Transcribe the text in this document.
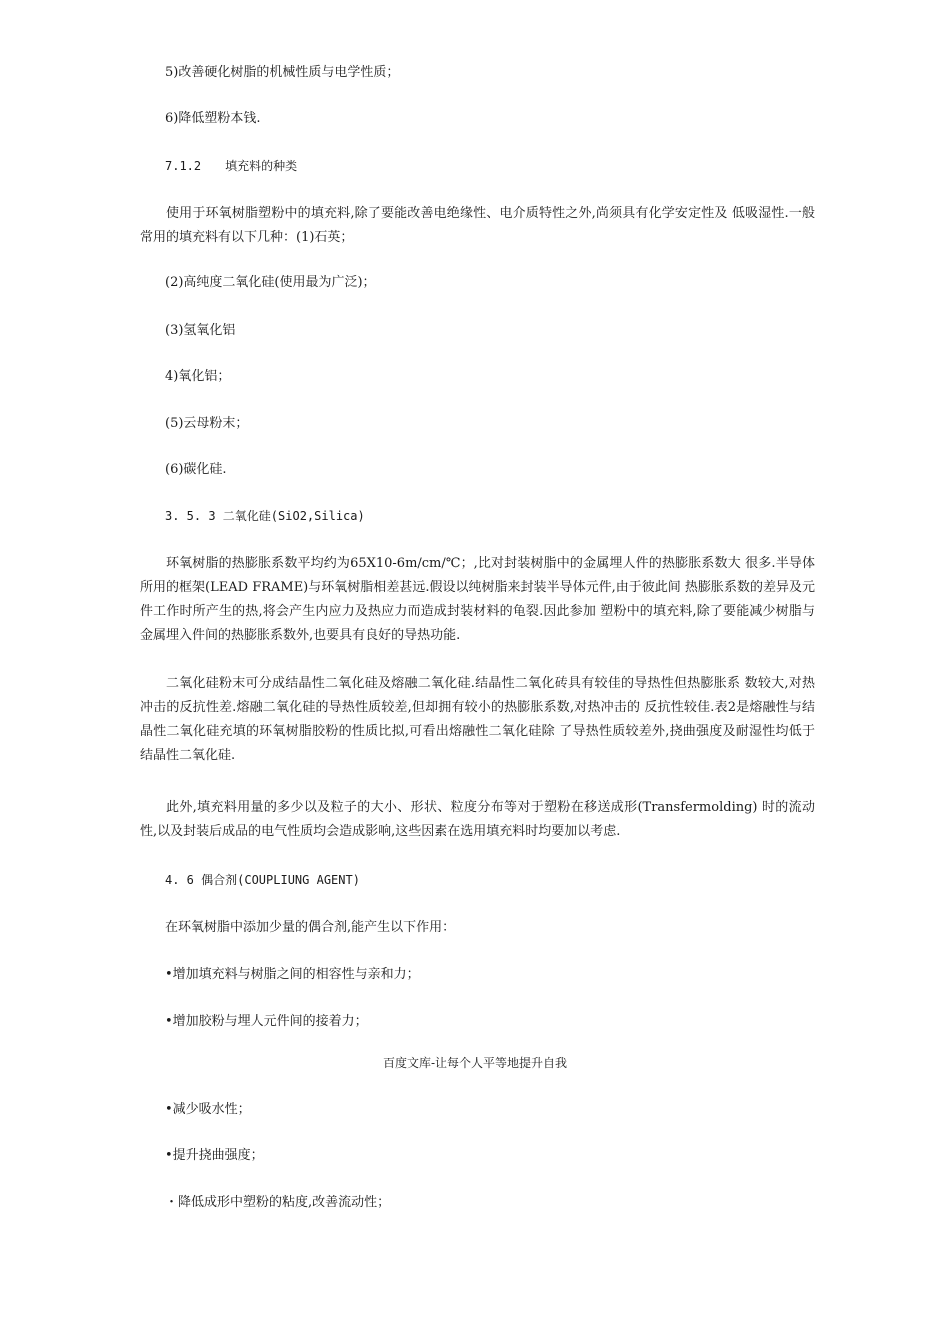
5)改善硬化树脂的机械性质与电学性质；
6)降低塑粉本钱.
7.1.2　　填充料的种类

使用于环氧树脂塑粉中的填充料,除了要能改善电绝缘性、电介质特性之外,尚须具有化学安定性及 低吸湿性.一般常用的填充料有以下几种：(1)石英；

(2)高纯度二氧化硅(使用最为广泛)；
(3)氢氧化铝
4)氧化铝；
(5)云母粉末；
(6)碳化硅.
3. 5. 3 二氧化硅(SiO2,Silica)

环氧树脂的热膨胀系数平均约为65X10-6m/cm/℃；,比对封装树脂中的金属埋人件的热膨胀系数大 很多.半导体所用的框架(LEAD FRAME)与环氧树脂相差甚远.假设以纯树脂来封装半导体元件,由于彼此间 热膨胀系数的差异及元件工作时所产生的热,将会产生内应力及热应力而造成封装材料的龟裂.因此参加 塑粉中的填充料,除了要能减少树脂与金属埋入件间的热膨胀系数外,也要具有良好的导热功能.

二氧化硅粉末可分成结晶性二氧化硅及熔融二氧化硅.结晶性二氧化砖具有较佳的导热性但热膨胀系 数较大,对热冲击的反抗性差.熔融二氧化硅的导热性质较差,但却拥有较小的热膨胀系数,对热冲击的 反抗性较佳.表2是熔融性与结晶性二氧化硅充填的环氧树脂胶粉的性质比拟,可看出熔融性二氧化硅除 了导热性质较差外,挠曲强度及耐湿性均低于结晶性二氧化硅.

此外,填充料用量的多少以及粒子的大小、形状、粒度分布等对于塑粉在移送成形(Transfermolding) 时的流动性,以及封装后成品的电气性质均会造成影响,这些因素在选用填充料时均要加以考虑.

4. 6 偶合剂(COUPLIUNG AGENT)
在环氧树脂中添加少量的偶合剂,能产生以下作用：
•增加填充料与树脂之间的相容性与亲和力；
•增加胶粉与埋人元件间的接着力；
百度文库-让每个人平等地提升自我
•减少吸水性；
•提升挠曲强度；
・降低成形中塑粉的粘度,改善流动性；
